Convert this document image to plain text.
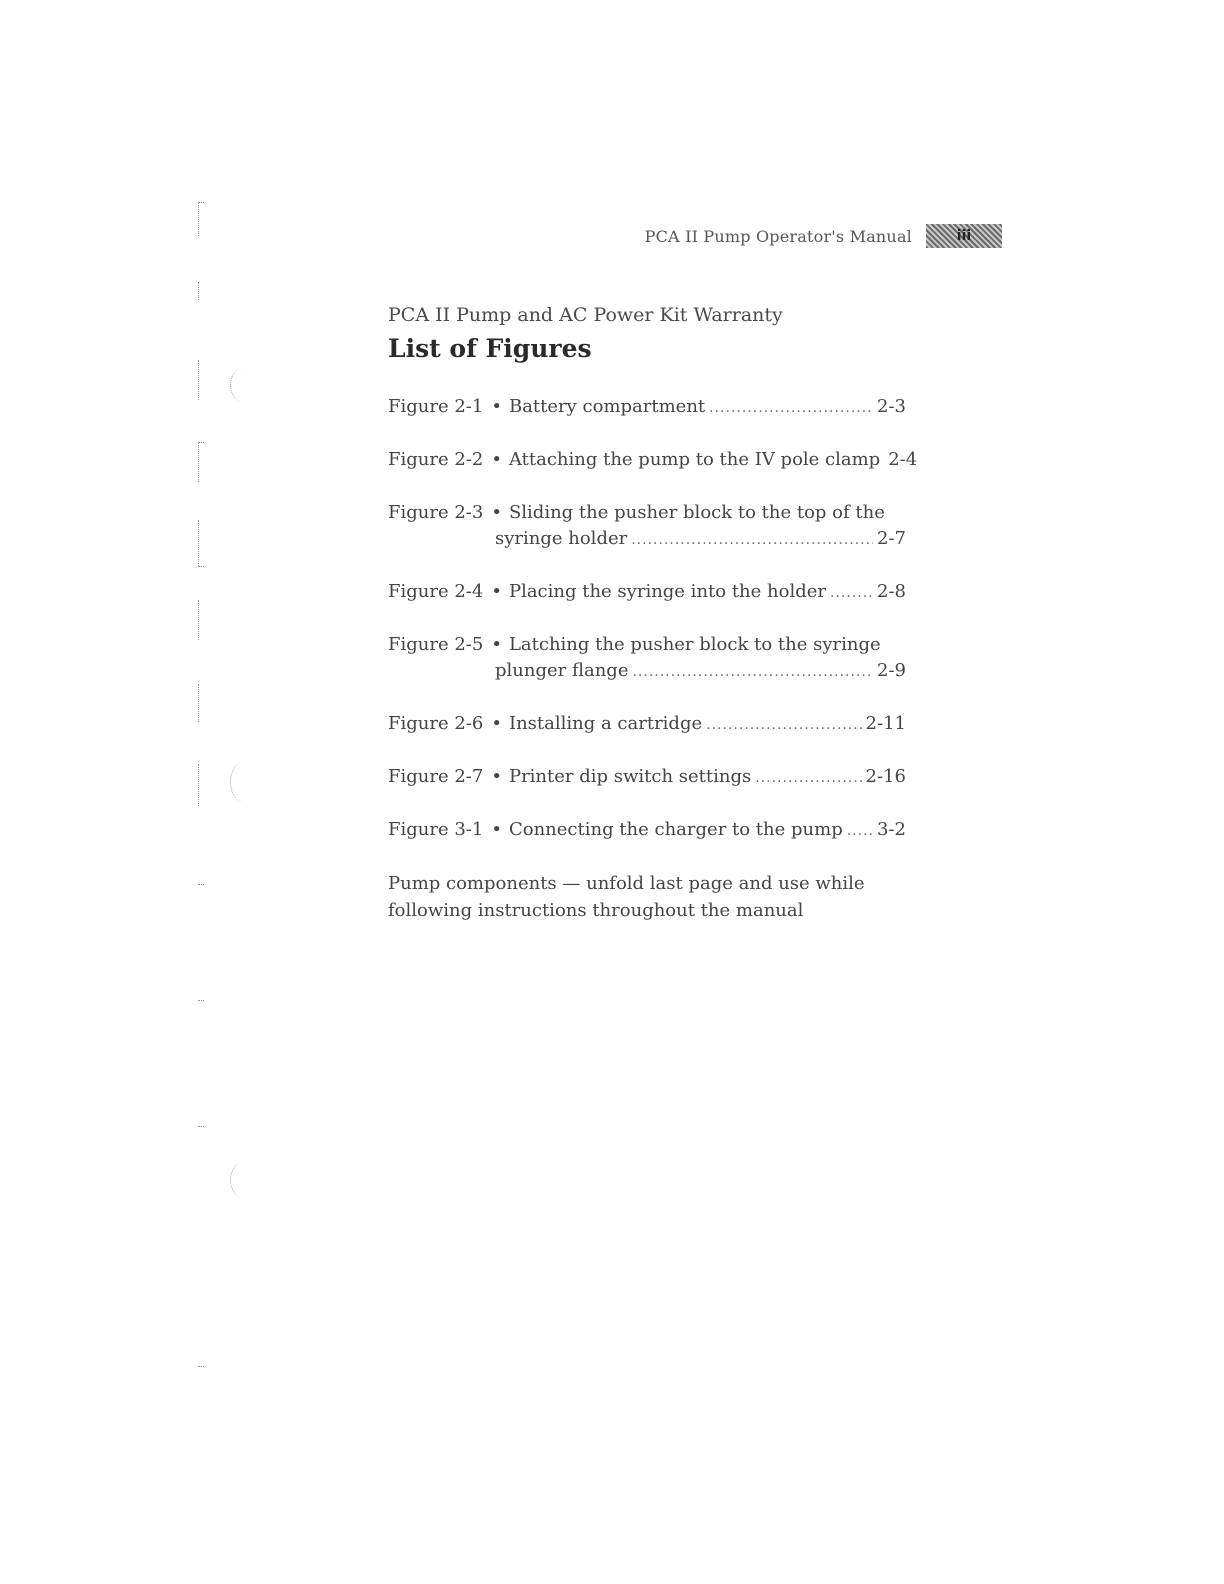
PCA II Pump Operator's Manual	iii

PCA II Pump and AC Power Kit Warranty

List of Figures
Figure 2-1 • Battery compartment .....	2-3
Figure 2-2 • Attaching the pump to the IV pole clamp 2-4
Figure 2-3 • Sliding the pusher block to the top of the
syringe holder .....	2-7
Figure 2-4 • Placing the syringe into the holder .....	2-8
Figure 2-5 • Latching the pusher block to the syringe
plunger flange .....	2-9
Figure 2-6 • Installing a cartridge .....	2-11
Figure 2-7 • Printer dip switch settings .....	2-16
Figure 3-1 • Connecting the charger to the pump ..... 3-2

Pump components — unfold last page and use while following instructions throughout the manual
